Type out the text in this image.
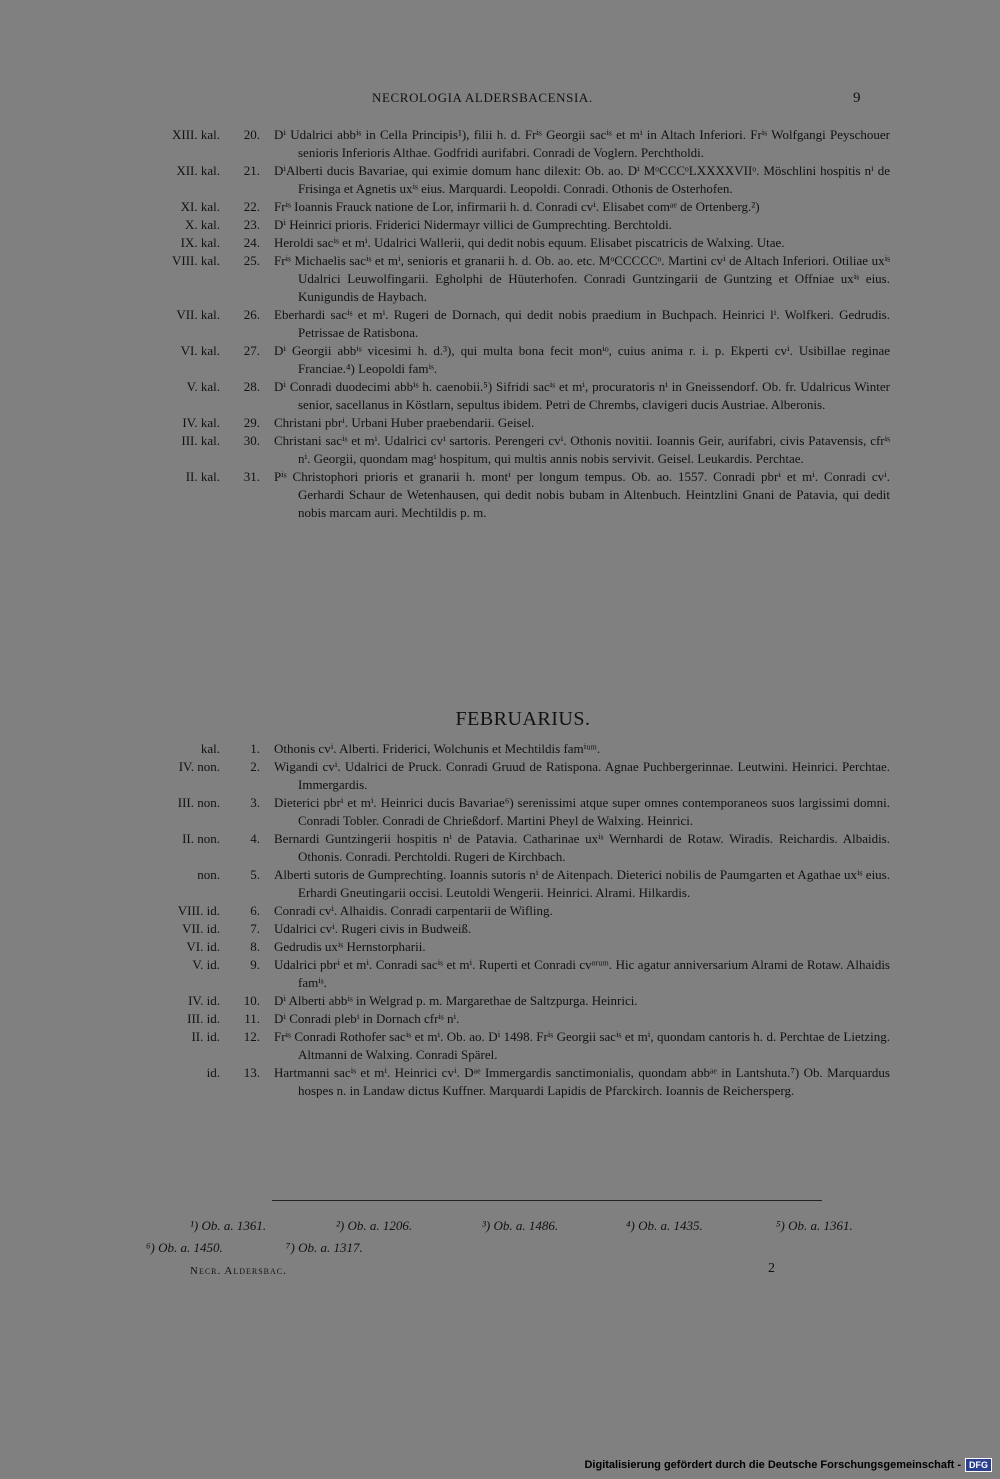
NECROLOGIA ALDERSBACENSIA.	9
XIII. kal. 20. Dⁱ Udalrici abbⁱˢ in Cella Principis¹), filii h. d. Frⁱˢ Georgii sacⁱˢ et mⁱ in Altach Inferiori. Frⁱˢ Wolfgangi Peyschouer senioris Inferioris Althae. Godfridi aurifabri. Conradi de Voglern. Perchtholdi.
XII. kal. 21. DⁱAlberti ducis Bavariae, qui eximie domum hanc dilexit: Ob. ao. Dⁱ MᵒCCCᵒLXXXXVIIᵒ. Möschlini hospitis nⁱ de Frisinga et Agnetis uxⁱˢ eius. Marquardi. Leopoldi. Conradi. Othonis de Osterhofen.
XI. kal. 22. Frⁱˢ Ioannis Frauck natione de Lor, infirmarii h. d. Conradi cvⁱ. Elisabet comᵃᵉ de Ortenberg.²)
X. kal. 23. Dⁱ Heinrici prioris. Friderici Nidermayr villici de Gumprechting. Berchtoldi.
IX. kal. 24. Heroldi sacⁱˢ et mⁱ. Udalrici Wallerii, qui dedit nobis equum. Elisabet piscatricis de Walxing. Utae.
VIII. kal. 25. Frⁱˢ Michaelis sacⁱˢ et mⁱ, senioris et granarii h. d. Ob. ao. etc. MᵒCCCCCᵒ. Martini cvⁱ de Altach Inferiori. Otiliae uxⁱˢ Udalrici Leuwolfingarii. Egholphi de Hüuterhofen. Conradi Guntzingarii de Guntzing et Offniae uxⁱˢ eius. Kunigundis de Haybach.
VII. kal. 26. Eberhardi sacⁱˢ et mⁱ. Rugeri de Dornach, qui dedit nobis praedium in Buchpach. Heinrici lⁱ. Wolfkeri. Gedrudis. Petrissae de Ratisbona.
VI. kal. 27. Dⁱ Georgii abbⁱˢ vicesimi h. d.³), qui multa bona fecit monⁱᵒ, cuius anima r. i. p. Ekperti cvⁱ. Usibillae reginae Franciae.⁴) Leopoldi famⁱˢ.
V. kal. 28. Dⁱ Conradi duodecimi abbⁱˢ h. caenobii.⁵) Sifridi sacⁱˢ et mⁱ, procuratoris nⁱ in Gneissendorf. Ob. fr. Udalricus Winter senior, sacellanus in Köstlarn, sepultus ibidem. Petri de Chrembs, clavigeri ducis Austriae. Alberonis.
IV. kal. 29. Christani pbrⁱ. Urbani Huber praebendarii. Geisel.
III. kal. 30. Christani sacⁱˢ et mⁱ. Udalrici cvⁱ sartoris. Perengeri cvⁱ. Othonis novitii. Ioannis Geir, aurifabri, civis Patavensis, cfrⁱˢ nⁱ. Georgii, quondam magⁱ hospitum, qui multis annis nobis servivit. Geisel. Leukardis. Perchtae.
II. kal. 31. Pⁱˢ Christophori prioris et granarii h. montⁱ per longum tempus. Ob. ao. 1557. Conradi pbrⁱ et mⁱ. Conradi cvⁱ. Gerhardi Schaur de Wetenhausen, qui dedit nobis bubam in Altenbuch. Heintzlini Gnani de Patavia, qui dedit nobis marcam auri. Mechtildis p. m.
FEBRUARIUS.
kal. 1. Othonis cvⁱ. Alberti. Friderici, Wolchunis et Mechtildis famⁱᵘᵐ.
IV. non. 2. Wigandi cvⁱ. Udalrici de Pruck. Conradi Gruud de Ratispona. Agnae Puchbergerinnae. Leutwini. Heinrici. Perchtae. Immergardis.
III. non. 3. Dieterici pbrⁱ et mⁱ. Heinrici ducis Bavariae⁶) serenissimi atque super omnes contemporaneos suos largissimi domni. Conradi Tobler. Conradi de Chrießdorf. Martini Pheyl de Walxing. Heinrici.
II. non. 4. Bernardi Guntzingerii hospitis nⁱ de Patavia. Catharinae uxⁱˢ Wernhardi de Rotaw. Wiradis. Reichardis. Albaidis. Othonis. Conradi. Perchtoldi. Rugeri de Kirchbach.
non. 5. Alberti sutoris de Gumprechting. Ioannis sutoris nⁱ de Aitenpach. Dieterici nobilis de Paumgarten et Agathae uxⁱˢ eius. Erhardi Gneutingarii occisi. Leutoldi Wengerii. Heinrici. Alrami. Hilkardis.
VIII. id. 6. Conradi cvⁱ. Alhaidis. Conradi carpentarii de Wifling.
VII. id. 7. Udalrici cvⁱ. Rugeri civis in Budweiß.
VI. id. 8. Gedrudis uxⁱˢ Hernstorpharii.
V. id. 9. Udalrici pbrⁱ et mⁱ. Conradi sacⁱˢ et mⁱ. Ruperti et Conradi cvᵒʳᵘᵐ. Hic agatur anniversarium Alrami de Rotaw. Alhaidis famⁱˢ.
IV. id. 10. Dⁱ Alberti abbⁱˢ in Welgrad p. m. Margarethae de Saltzpurga. Heinrici.
III. id. 11. Dⁱ Conradi plebⁱ in Dornach cfrⁱˢ nⁱ.
II. id. 12. Frⁱˢ Conradi Rothofer sacⁱˢ et mⁱ. Ob. ao. Dⁱ 1498. Frⁱˢ Georgii sacⁱˢ et mⁱ, quondam cantoris h. d. Perchtae de Lietzing. Altmanni de Walxing. Conradi Spärel.
id. 13. Hartmanni sacⁱˢ et mⁱ. Heinrici cvⁱ. Dᵃᵉ Immergardis sanctimonialis, quondam abbᵃᵉ in Lantshuta.⁷) Ob. Marquardus hospes n. in Landaw dictus Kuffner. Marquardi Lapidis de Pfarckirch. Ioannis de Reichersperg.
¹) Ob. a. 1361.	²) Ob. a. 1206.	³) Ob. a. 1486.	⁴) Ob. a. 1435.	⁵) Ob. a. 1361.
⁶) Ob. a. 1450.	⁷) Ob. a. 1317.
Necr. Aldersbac.	2
Digitalisierung gefördert durch die Deutsche Forschungsgemeinschaft - DFG
